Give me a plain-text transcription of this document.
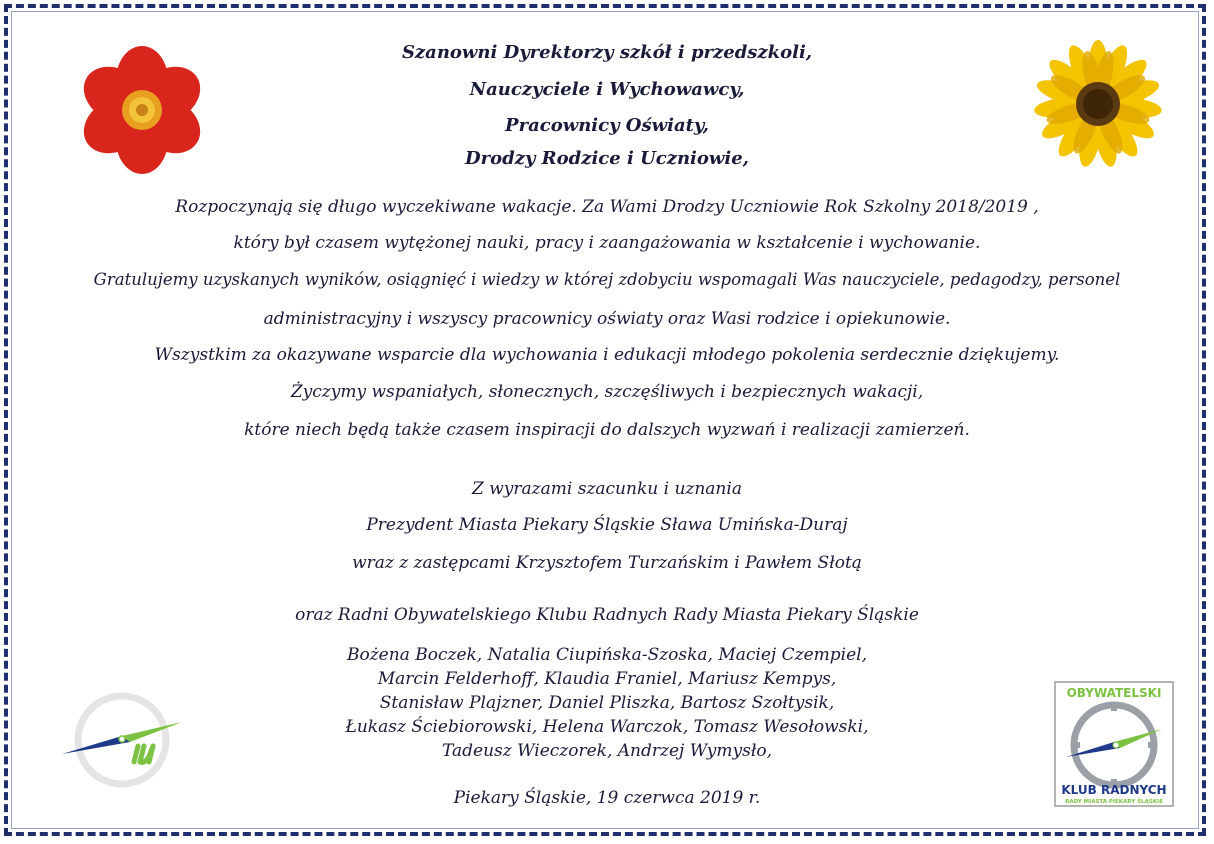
Szanowni Dyrektorzy szkół i przedszkoli,
Nauczyciele i Wychowawcy,
Pracownicy Oświaty,
Drodzy Rodzice i Uczniowie,
Rozpoczynają się długo wyczekiwane wakacje. Za Wami Drodzy Uczniowie Rok Szkolny 2018/2019 ,
który był czasem wytężonej nauki, pracy i zaangażowania w kształcenie i wychowanie.
Gratulujemy uzyskanych wyników, osiągnięć i wiedzy w której zdobyciu wspomagali Was nauczyciele, pedagodzy, personel
administracyjny i wszyscy pracownicy oświaty oraz Wasi rodzice i opiekunowie.
Wszystkim za okazywane wsparcie dla wychowania i edukacji młodego pokolenia serdecznie dziękujemy.
Życzymy wspaniałych, słonecznych, szczęśliwych i bezpiecznych wakacji,
które niech będą także czasem inspiracji do dalszych wyzwań i realizacji zamierzeń.
Z wyrazami szacunku i uznania
Prezydent Miasta Piekary Śląskie Sława Umińska-Duraj
wraz z zastępcami Krzysztofem Turzańskim i Pawłem Słotą
oraz Radni Obywatelskiego Klubu Radnych Rady Miasta Piekary Śląskie
Bożena Boczek, Natalia Ciupińska-Szoska, Maciej Czempiel,
Marcin Felderhoff, Klaudia Franiel, Mariusz Kempys,
Stanisław Plajzner, Daniel Pliszka, Bartosz Szołtysik,
Łukasz Ściebiorowski, Helena Warczok, Tomasz Wesołowski,
Tadeusz Wieczorek, Andrzej Wymysło,
Piekary Śląskie, 19 czerwca 2019 r.
OBYWATELSKI
KLUB RADNYCH
RADY MIASTA PIEKARY ŚLĄSKIE
